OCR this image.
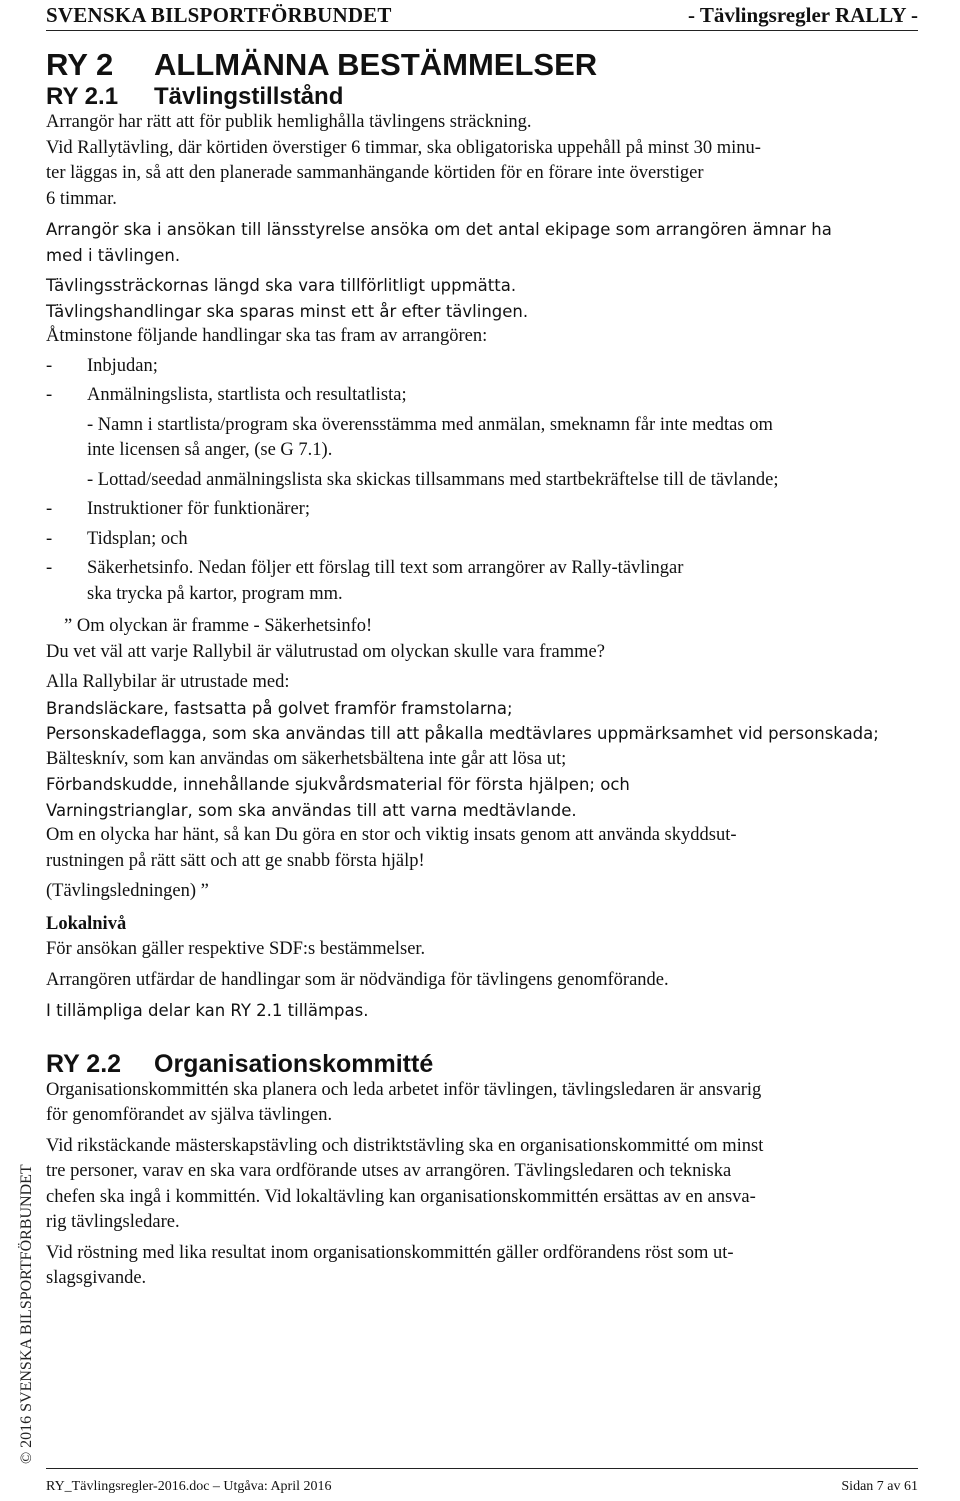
SVENSKA BILSPORTFÖRBUNDET	- Tävlingsregler RALLY -
RY 2	ALLMÄNNA BESTÄMMELSER
RY 2.1	Tävlingstillstånd

Arrangör har rätt att för publik hemlighålla tävlingens sträckning.

Vid Rallytävling, där körtiden överstiger 6 timmar, ska obligatoriska uppehåll på minst 30 minu-

ter läggas in, så att den planerade sammanhängande körtiden för en förare inte överstiger

6 timmar.

Arrangör ska i ansökan till länsstyrelse ansöka om det antal ekipage som arrangören ämnar ha

med i tävlingen.

Tävlingssträckornas längd ska vara tillförlitligt uppmätta.

Tävlingshandlingar ska sparas minst ett år efter tävlingen.

Åtminstone följande handlingar ska tas fram av arrangören:

-	Inbjudan;
-	Anmälningslista, startlista och resultatlista;
- Namn i startlista/program ska överensstämma med anmälan, smeknamn får inte medtas om
inte licensen så anger, (se G 7.1).
- Lottad/seedad anmälningslista ska skickas tillsammans med startbekräftelse till de tävlande;
-	Instruktioner för funktionärer;
-	Tidsplan; och
-	Säkerhetsinfo. Nedan följer ett förslag till text som arrangörer av Rally-tävlingar
ska trycka på kartor, program mm.

” Om olyckan är framme - Säkerhetsinfo!

Du vet väl att varje Rallybil är välutrustad om olyckan skulle vara framme?

Alla Rallybilar är utrustade med:

Brandsläckare, fastsatta på golvet framför framstolarna;

Personskadeflagga, som ska användas till att påkalla medtävlares uppmärksamhet vid personskada;

Bältesknív, som kan användas om säkerhetsbältena inte går att lösa ut;

Förbandskudde, innehållande sjukvårdsmaterial för första hjälpen; och

Varningstrianglar, som ska användas till att varna medtävlande.

Om en olycka har hänt, så kan Du göra en stor och viktig insats genom att använda skyddsut-

rustningen på rätt sätt och att ge snabb första hjälp!

(Tävlingsledningen) ”

Lokalnivå

För ansökan gäller respektive SDF:s bestämmelser.

Arrangören utfärdar de handlingar som är nödvändiga för tävlingens genomförande.

I tillämpliga delar kan RY 2.1 tillämpas.

RY 2.2	Organisationskommitté

Organisationskommittén ska planera och leda arbetet inför tävlingen, tävlingsledaren är ansvarig

för genomförandet av själva tävlingen.

Vid rikstäckande mästerskapstävling och distriktstävling ska en organisationskommitté om minst

tre personer, varav en ska vara ordförande utses av arrangören. Tävlingsledaren och tekniska

chefen ska ingå i kommittén. Vid lokaltävling kan organisationskommittén ersättas av en ansva-

rig tävlingsledare.

Vid röstning med lika resultat inom organisationskommittén gäller ordförandens röst som ut-

slagsgivande.

© 2016 SVENSKA BILSPORTFÖRBUNDET
RY_Tävlingsregler-2016.doc – Utgåva: April 2016	Sidan 7 av 61
